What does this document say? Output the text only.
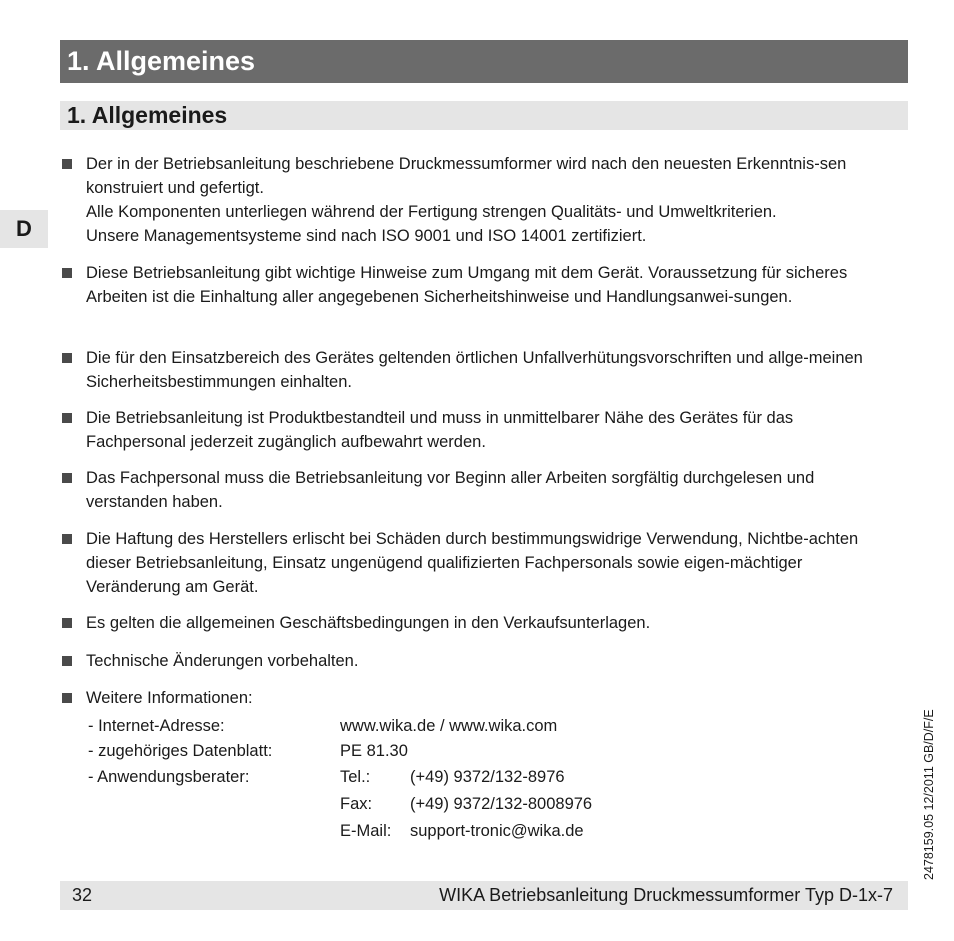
1. Allgemeines
1. Allgemeines
D

Der in der Betriebsanleitung beschriebene Druckmessumformer wird nach den neuesten Erkenntnis-sen konstruiert und gefertigt.

Alle Komponenten unterliegen während der Fertigung strengen Qualitäts- und Umweltkriterien.

Unsere Managementsysteme sind nach ISO 9001 und ISO 14001 zertifiziert.

Diese Betriebsanleitung gibt wichtige Hinweise zum Umgang mit dem Gerät. Voraussetzung für sicheres Arbeiten ist die Einhaltung aller angegebenen Sicherheitshinweise und Handlungsanwei-sungen.

Die für den Einsatzbereich des Gerätes geltenden örtlichen Unfallverhütungsvorschriften und allge-meinen Sicherheitsbestimmungen einhalten.

Die Betriebsanleitung ist Produktbestandteil und muss in unmittelbarer Nähe des Gerätes für das Fachpersonal jederzeit zugänglich aufbewahrt werden.

Das Fachpersonal muss die Betriebsanleitung vor Beginn aller Arbeiten sorgfältig durchgelesen und verstanden haben.

Die Haftung des Herstellers erlischt bei Schäden durch bestimmungswidrige Verwendung, Nichtbe-achten dieser Betriebsanleitung, Einsatz ungenügend qualifizierten Fachpersonals sowie eigen-mächtiger Veränderung am Gerät.

Es gelten die allgemeinen Geschäftsbedingungen in den Verkaufsunterlagen.

Technische Änderungen vorbehalten.

Weitere Informationen:

- Internet-Adresse:	www.wika.de / www.wika.com
- zugehöriges Datenblatt:	PE 81.30
- Anwendungsberater:	Tel.: (+49) 9372/132-8976
Fax: (+49) 9372/132-8008976
E-Mail: support-tronic@wika.de	2478159.05 12/2011 GB/D/F/E
32	WIKA Betriebsanleitung Druckmessumformer Typ D-1x-7
